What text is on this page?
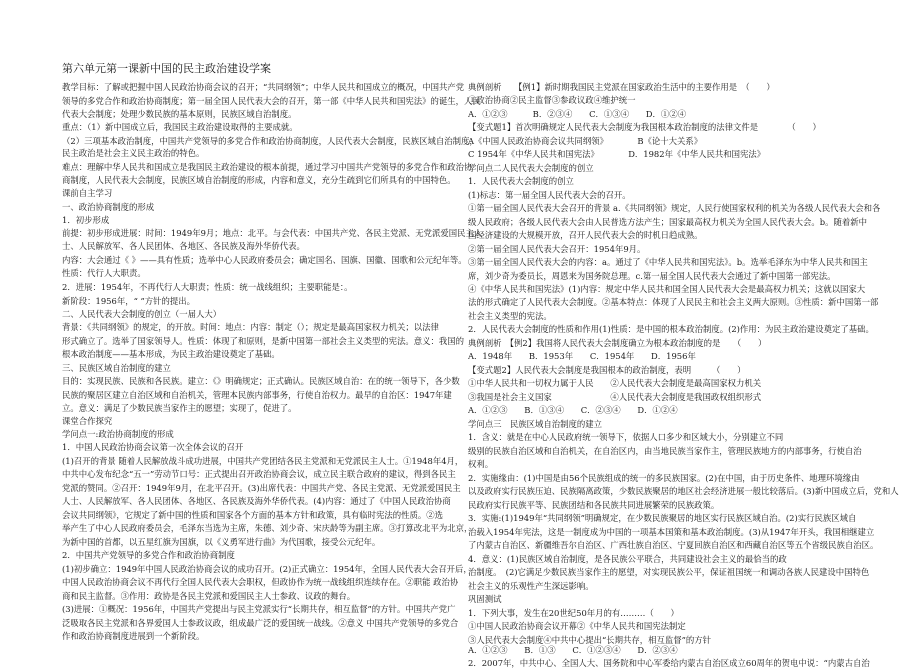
第六单元第一课新中国的民主政治建设学案
教学目标：了解或把握中国人民政治协商会议的召开；“共同纲领”；中华人民共和国成立的概况，中国共产党
领导的多党合作和政治协商制度；第一届全国人民代表大会的召开，第一部《中华人民共和国宪法》的诞生，人民
代表大会制度；处理少数民族的基本原则，民族区域自治制度。
重点：（1）新中国成立后，我国民主政治建设取得的主要成就。
（2）三项基本政治制度，中国共产党领导的多党合作和政治协商制度，人民代表大会制度，民族区域自治制度，
民主政治是社会主义民主政治的特色。
难点：理解中华人民共和国成立是我国民主政治建设的根本前提，通过学习中国共产党领导的多党合作和政治协
商制度，人民代表大会制度，民族区域自治制度的形成，内容和意义，充分生疏到它们所具有的中国特色。
课前自主学习
一、政治协商制度的形成
1．初步形成
前提：初步形成进展：时间：1949年9月；地点：北平。与会代表：中国共产党、各民主党派、无党派爱国民主人
士、人民解放军、各人民团体、各地区、各民族及海外华侨代表。
内容：大会通过《 》——具有性质；选举中心人民政府委员会；确定国名、国旗、国徽、国歌和公元纪年等。
性质：代行人大职责。
2．进展：1954年，不再代行人大职责；性质：统一战线组织；主要职能是：。
新阶段：1956年，“ ”方针的提出。
二、人民代表大会制度的创立（一届人大）
背景：《共同纲领》的规定，的开放。时间：地点：内容：制定（）；规定是最高国家权力机关；以法律
形式确立了。选举了国家领导人。性质：体现了和原则，是新中国第一部社会主义类型的宪法。意义：我国的
根本政治制度——基本形成，为民主政治建设奠定了基础。
三、民族区域自治制度的建立
目的：实现民族、民族和各民族。建立：《》明确规定；正式确认。民族区域自治：在的统一领导下，各少数
民族的聚居区建立自治区域和自治机关，管理本民族内部事务，行使自治权力。最早的自治区：1947年建
立。意义：满足了少数民族当家作主的愿望；实现了，促进了。
课堂合作探究
学问点一:政治协商制度的形成
1．中国人民政治协商会议第一次全体会议的召开
(1)召开的背景 随着人民解放战斗成功进展，中国共产党团结各民主党派和无党派民主人士。①1948年4月，
中共中心发布纪念“五一”劳动节口号：正式提出召开政治协商会议，成立民主联合政府的建议，得到各民主
党派的赞同。②召开：1949年9月，在北平召开。(3)出席代表：中国共产党、各民主党派、无党派爱国民主
人士、人民解放军、各人民团体、各地区、各民族及海外华侨代表。(4)内容：通过了《中国人民政治协商
会议共同纲领》，它规定了新中国的性质和国家各个方面的基本方针和政策，具有临时宪法的性质。②选
举产生了中心人民政府委员会，毛泽东当选为主席，朱德、刘少奇、宋庆龄等为副主席。③打算改北平为北京，
为新中国的首都，以五星红旗为国旗，以《义勇军进行曲》为代国歌，接受公元纪年。
2．中国共产党领导的多党合作和政治协商制度
(1)初步确立：1949年中国人民政治协商会议的成功召开。(2)正式确立：1954年，全国人民代表大会召开后，
中国人民政治协商会议不再代行全国人民代表大会职权，但政协作为统一战线组织连续存在。②职能 政治协
商和民主监督。③作用：政协是各民主党派和爱国民主人士参政、议政的舞台。
(3)进展：①概况：1956年，中国共产党提出与民主党派实行“长期共存，相互监督”的方针。中国共产党广
泛吸取各民主党派和各界爱国人士参政议政，组成最广泛的爱国统一战线。②意义 中国共产党领导的多党合
作和政治协商制度进展到一个新阶段。
典例剖析　　【例1】新时期我国民主党派在国家政治生活中的主要作用是　（　　）
①政治协商②民主监督③参政议政④维护统一
A．①②③　　　B．②③④　　C．①③④　　D．①②④
【变式题1】首次明确规定人民代表大会制度为我国根本政治制度的法律文件是　　　　（　　）
A《中国人民政治协商会议共同纲领》　　　　B《论十大关系》
C 1954年《中华人民共和国宪法》　　　　D．1982年《中华人民共和国宪法》
学问点二人民代表大会制度的创立
1．人民代表大会制度的创立
(1)标志：第一届全国人民代表大会的召开。
①第一届全国人民代表大会召开的背景 a.《共同纲领》规定，人民行使国家权利的机关为各级人民代表大会和各
级人民政府；各级人民代表大会由人民普选方法产生；国家最高权力机关为全国人民代表大会。b。随着新中
国经济建设的大规模开放，召开人民代表大会的时机日趋成熟。
②第一届全国人民代表大会召开：1954年9月。
③第一届全国人民代表大会的内容：a。通过了《中华人民共和国宪法》。b。选举毛泽东为中华人民共和国主
席，刘少奇为委员长，周恩来为国务院总理。c.第一届全国人民代表大会通过了新中国第一部宪法。
④《中华人民共和国宪法》(1)内容：规定中华人民共和国全国人民代表大会是最高权力机关；这就以国家大
法的形式确定了人民代表大会制度。②基本特点：体现了人民民主和社会主义两大原则。③性质：新中国第一部
社会主义类型的宪法。
2．人民代表大会制度的性质和作用(1)性质：是中国的根本政治制度。(2)作用：为民主政治建设奠定了基础。
典例剖析　【例2】我国将人民代表大会制度确立为根本政治制度的是　　（　　）
A．1948年　　B．1953年　　C．1954年　　D．1956年
【变式题2】人民代表大会制度是我国根本的政治制度，表明　　　（　　）
①中华人民共和一切权力属于人民　　②人民代表大会制度是最高国家权力机关
③我国是社会主义国家　　　　　　　④人民代表大会制度是我国政权组织形式
A．①②③　　B．①③④　　C．②③④　　D．①②④
学问点三　民族区域自治制度的建立
1．含义：就是在中心人民政府统一领导下，依据人口多少和区域大小，分别建立不同
级别的民族自治区域和自治机关，在自治区内，由当地民族当家作主，管理民族地方的内部事务，行使自治
权利。
2．实施缘由：(1)中国是由56个民族组成的统一的多民族国家。(2)在中国，由于历史条件、地理环境缘由
以及政府实行民族压迫、民族隔离政策，少数民族聚居的地区社会经济进展一般比较落后。(3)新中国成立后，党和人
民政府实行民族平等、民族团结和各民族共同进展繁荣的民族政策。
3．实施:(1)1949年“共同纲领”明确规定，在少数民族聚居的地区实行民族区域自治。(2)实行民族区域自
治载入1954年宪法，这是一制度成为中国的一项基本国策和基本政治制度。(3)从1947年开头，我国相继建立
了内蒙古自治区、新疆维吾尔自治区、广西壮族自治区、宁夏回族自治区和西藏自治区等五个省级民族自治区。
4．意义：(1)民族区域自治制度，是各民族公平联合，共同建设社会主义的最恰当的政
治制度。　(2)它满足少数民族当家作主的愿望，对实现民族公平，保证祖国统一和调动各族人民建设中国特色
社会主义的乐观性产生深远影响。
巩固测试
1．下列大事，发生在20世纪50年月的有………（　　）
①中国人民政治协商会议开幕②《中华人民共和国宪法制定
③人民代表大会制度④中共中心提出“长期共存，相互监督”的方针
A．①②③　　B．①③　　C．①②③④　　D．②③④
2．2007年，中共中心、全国人大、国务院和中心军委给内蒙古自治区成立60周年的贺电中说：“内蒙古自治
